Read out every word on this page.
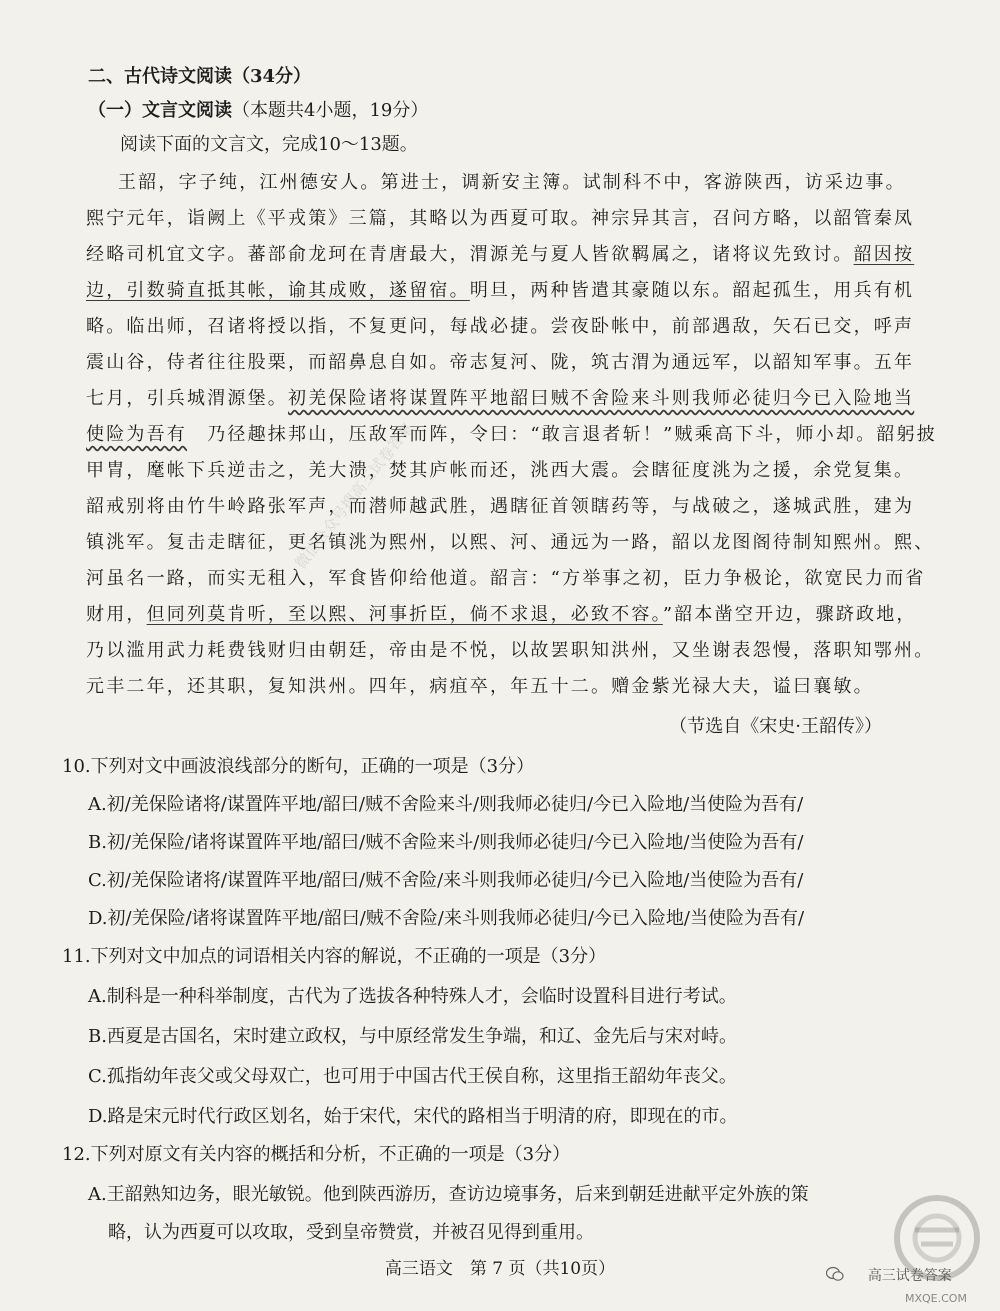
二、古代诗文阅读（34分）
（一）文言文阅读（本题共4小题，19分）
阅读下面的文言文，完成10～13题。
王韶，字子纯，江州德安人。第进士，调新安主簿。试制科不中，客游陕西，访采边事。
熙宁元年，诣阙上《平戎策》三篇，其略以为西夏可取。神宗异其言，召问方略，以韶管秦凤
经略司机宜文字。蕃部俞龙珂在青唐最大，渭源羌与夏人皆欲羁属之，诸将议先致讨。韶因按
边，引数骑直抵其帐，谕其成败，遂留宿。明旦，两种皆遣其豪随以东。韶起孤生，用兵有机
略。临出师，召诸将授以指，不复更问，每战必捷。尝夜卧帐中，前部遇敌，矢石已交，呼声
震山谷，侍者往往股栗，而韶鼻息自如。帝志复河、陇，筑古渭为通远军，以韶知军事。五年
七月，引兵城渭源堡。初羌保险诸将谋置阵平地韶曰贼不舍险来斗则我师必徒归今已入险地当
使险为吾有　 乃径趣抹邦山，压敌军而阵，令曰：“敢言退者斩！”贼乘高下斗，师小却。韶躬披
甲胄，麾帐下兵逆击之，羌大溃，焚其庐帐而还，洮西大震。会瞎征度洮为之援，余党复集。
韶戒别将由竹牛岭路张军声，而潜师越武胜，遇瞎征首领瞎药等，与战破之，遂城武胜，建为
镇洮军。复击走瞎征，更名镇洮为熙州，以熙、河、通远为一路，韶以龙图阁待制知熙州。熙、
河虽名一路，而实无租入，军食皆仰给他道。韶言：“方举事之初，臣力争极论，欲宽民力而省
财用，但同列莫肯听，至以熙、河事折臣，倘不求退，必致不容。”韶本凿空开边，骤跻政地，
乃以滥用武力耗费钱财归由朝廷，帝由是不悦，以故罢职知洪州，又坐谢表怨慢，落职知鄂州。
元丰二年，还其职，复知洪州。四年，病疽卒，年五十二。赠金紫光禄大夫，谥曰襄敏。
（节选自《宋史·王韶传》）
10.下列对文中画波浪线部分的断句，正确的一项是（3分）
A.初/羌保险诸将/谋置阵平地/韶曰/贼不舍险来斗/则我师必徒归/今已入险地/当使险为吾有/
B.初/羌保险/诸将谋置阵平地/韶曰/贼不舍险来斗/则我师必徒归/今已入险地/当使险为吾有/
C.初/羌保险诸将/谋置阵平地/韶曰/贼不舍险/来斗则我师必徒归/今已入险地/当使险为吾有/
D.初/羌保险/诸将谋置阵平地/韶曰/贼不舍险/来斗则我师必徒归/今已入险地/当使险为吾有/
11.下列对文中加点的词语相关内容的解说，不正确的一项是（3分）
A.制科是一种科举制度，古代为了选拔各种特殊人才，会临时设置科目进行考试。
B.西夏是古国名，宋时建立政权，与中原经常发生争端，和辽、金先后与宋对峙。
C.孤指幼年丧父或父母双亡，也可用于中国古代王侯自称，这里指王韶幼年丧父。
D.路是宋元时代行政区划名，始于宋代，宋代的路相当于明清的府，即现在的市。
12.下列对原文有关内容的概括和分析，不正确的一项是（3分）
A.王韶熟知边务，眼光敏锐。他到陕西游历，查访边境事务，后来到朝廷进献平定外族的策
略，认为西夏可以攻取，受到皇帝赞赏，并被召见得到重用。
高三语文　第 7 页（共10页）
微信公众号搜高三试卷答案
高三试卷答案
MXQE.COM
